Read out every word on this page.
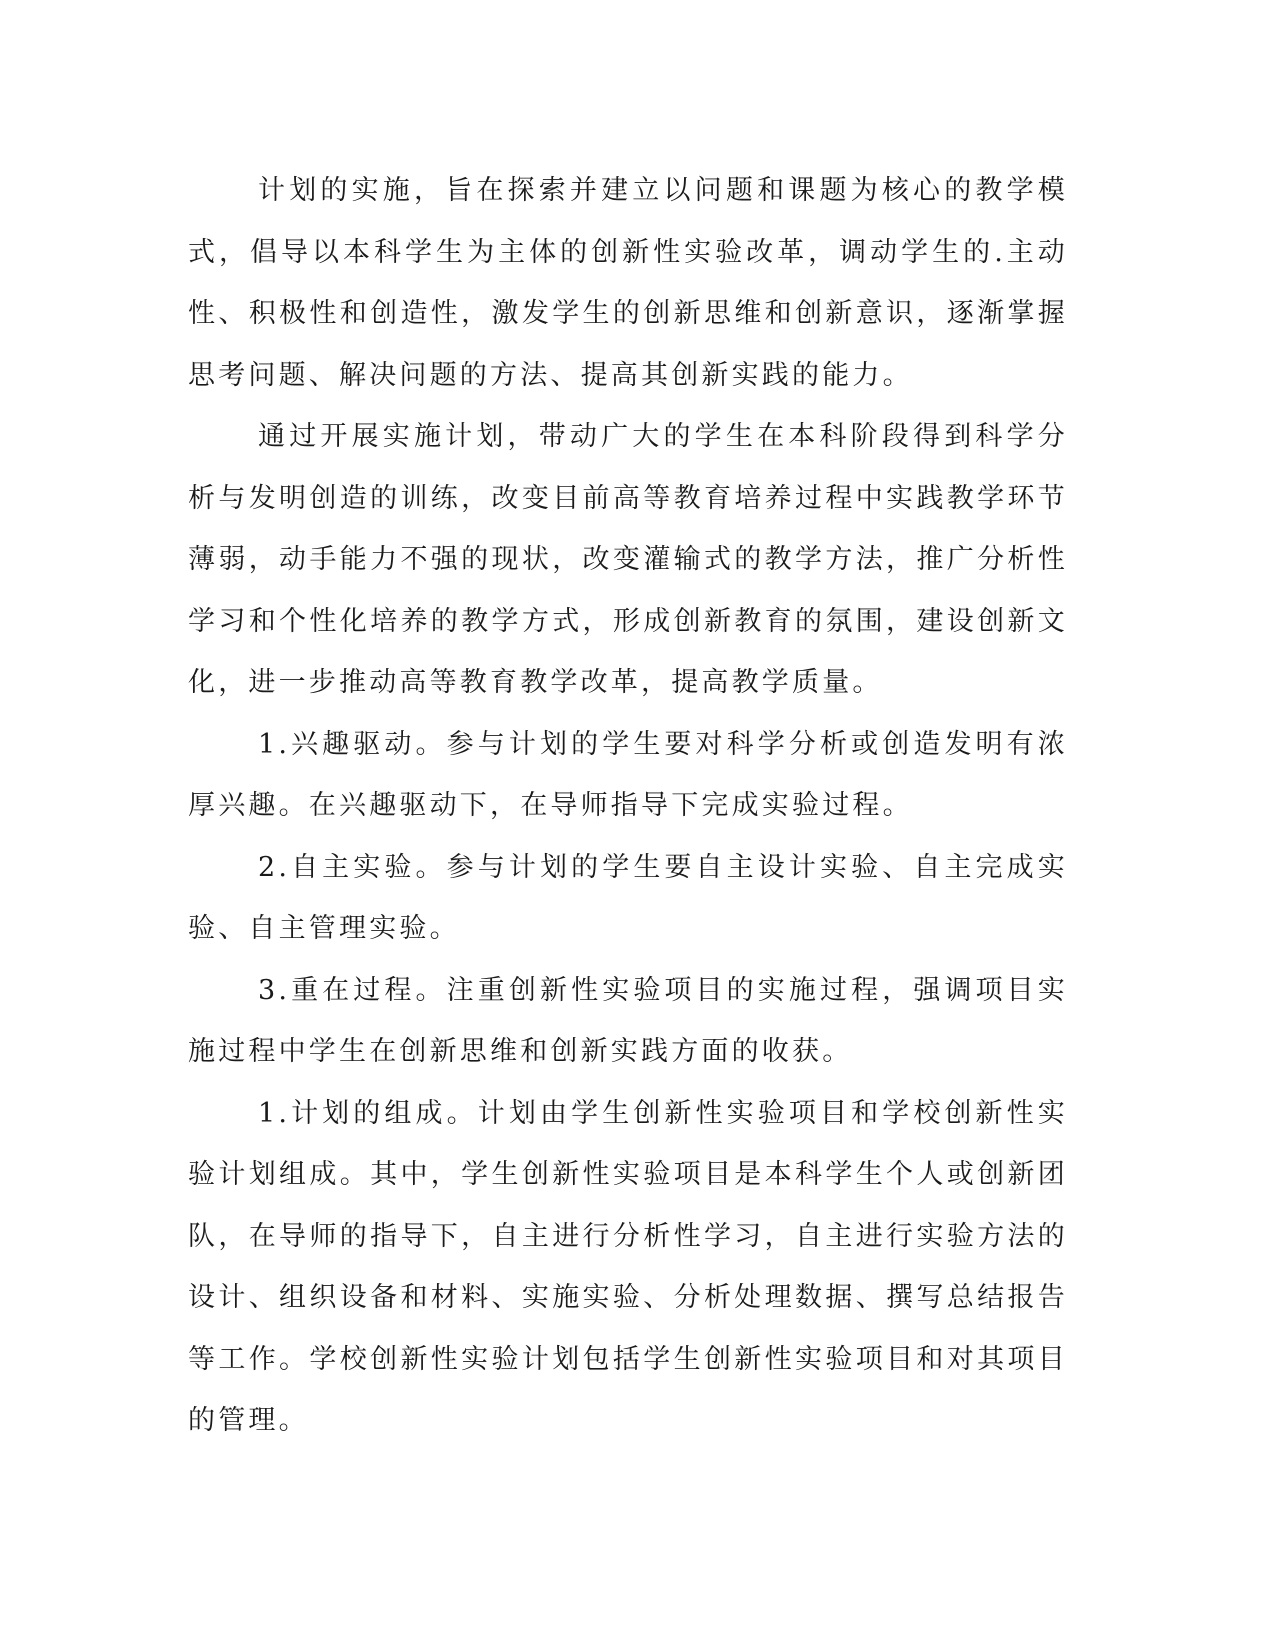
计划的实施，旨在探索并建立以问题和课题为核心的教学模式，倡导以本科学生为主体的创新性实验改革，调动学生的.主动性、积极性和创造性，激发学生的创新思维和创新意识，逐渐掌握思考问题、解决问题的方法、提高其创新实践的能力。

通过开展实施计划，带动广大的学生在本科阶段得到科学分析与发明创造的训练，改变目前高等教育培养过程中实践教学环节薄弱，动手能力不强的现状，改变灌输式的教学方法，推广分析性学习和个性化培养的教学方式，形成创新教育的氛围，建设创新文化，进一步推动高等教育教学改革，提高教学质量。

1.兴趣驱动。参与计划的学生要对科学分析或创造发明有浓厚兴趣。在兴趣驱动下，在导师指导下完成实验过程。

2.自主实验。参与计划的学生要自主设计实验、自主完成实验、自主管理实验。

3.重在过程。注重创新性实验项目的实施过程，强调项目实施过程中学生在创新思维和创新实践方面的收获。

1.计划的组成。计划由学生创新性实验项目和学校创新性实验计划组成。其中，学生创新性实验项目是本科学生个人或创新团队，在导师的指导下，自主进行分析性学习，自主进行实验方法的设计、组织设备和材料、实施实验、分析处理数据、撰写总结报告等工作。学校创新性实验计划包括学生创新性实验项目和对其项目的管理。
